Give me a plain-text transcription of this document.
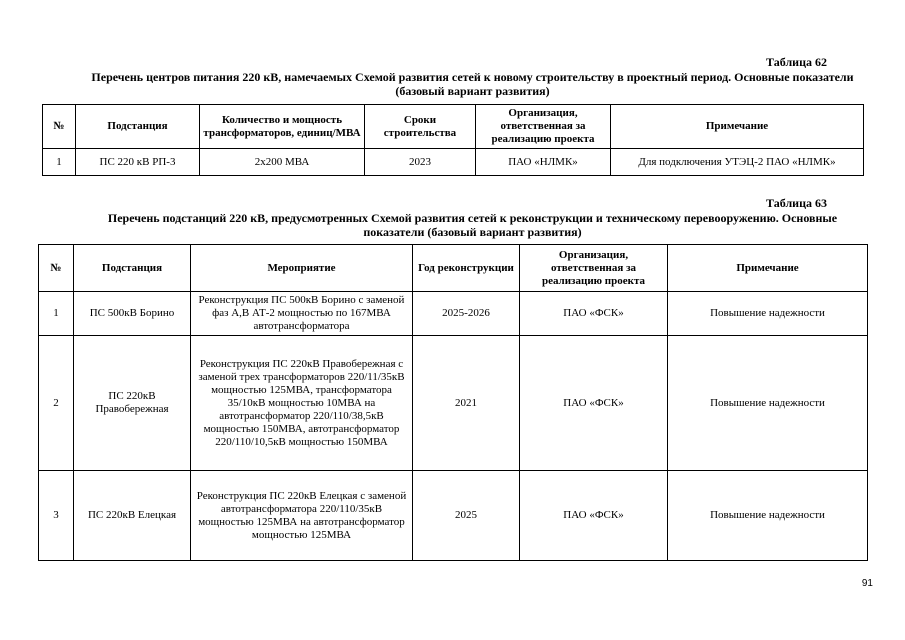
Таблица 62
Перечень центров питания 220 кВ, намечаемых Схемой развития сетей к новому строительству в проектный период. Основные показатели (базовый вариант развития)
№	Подстанция	Количество и мощность трансформаторов, единиц/МВА	Сроки строительства	Организация, ответственная за реализацию проекта	Примечание
1	ПС 220 кВ РП-3	2x200 МВА	2023	ПАО «НЛМК»	Для подключения УТЭЦ-2 ПАО «НЛМК»
Таблица 63
Перечень подстанций 220 кВ, предусмотренных Схемой развития сетей к реконструкции и техническому перевооружению. Основные показатели (базовый вариант развития)
№	Подстанция	Мероприятие	Год реконструкции	Организация, ответственная за реализацию проекта	Примечание
1	ПС 500кВ Борино	Реконструкция ПС 500кВ Борино с заменой фаз А,В АТ-2 мощностью по 167МВА автотрансформатора	2025-2026	ПАО «ФСК»	Повышение надежности
2	ПС 220кВ Правобережная	Реконструкция ПС 220кВ Правобережная с заменой трех трансформаторов 220/11/35кВ мощностью 125МВА, трансформатора 35/10кВ мощностью 10МВА на автотрансформатор 220/110/38,5кВ мощностью 150МВА, автотрансформатор 220/110/10,5кВ мощностью 150МВА	2021	ПАО «ФСК»	Повышение надежности
3	ПС 220кВ Елецкая	Реконструкция ПС 220кВ Елецкая с заменой автотрансформатора 220/110/35кВ мощностью 125МВА на автотрансформатор мощностью 125МВА	2025	ПАО «ФСК»	Повышение надежности
91
